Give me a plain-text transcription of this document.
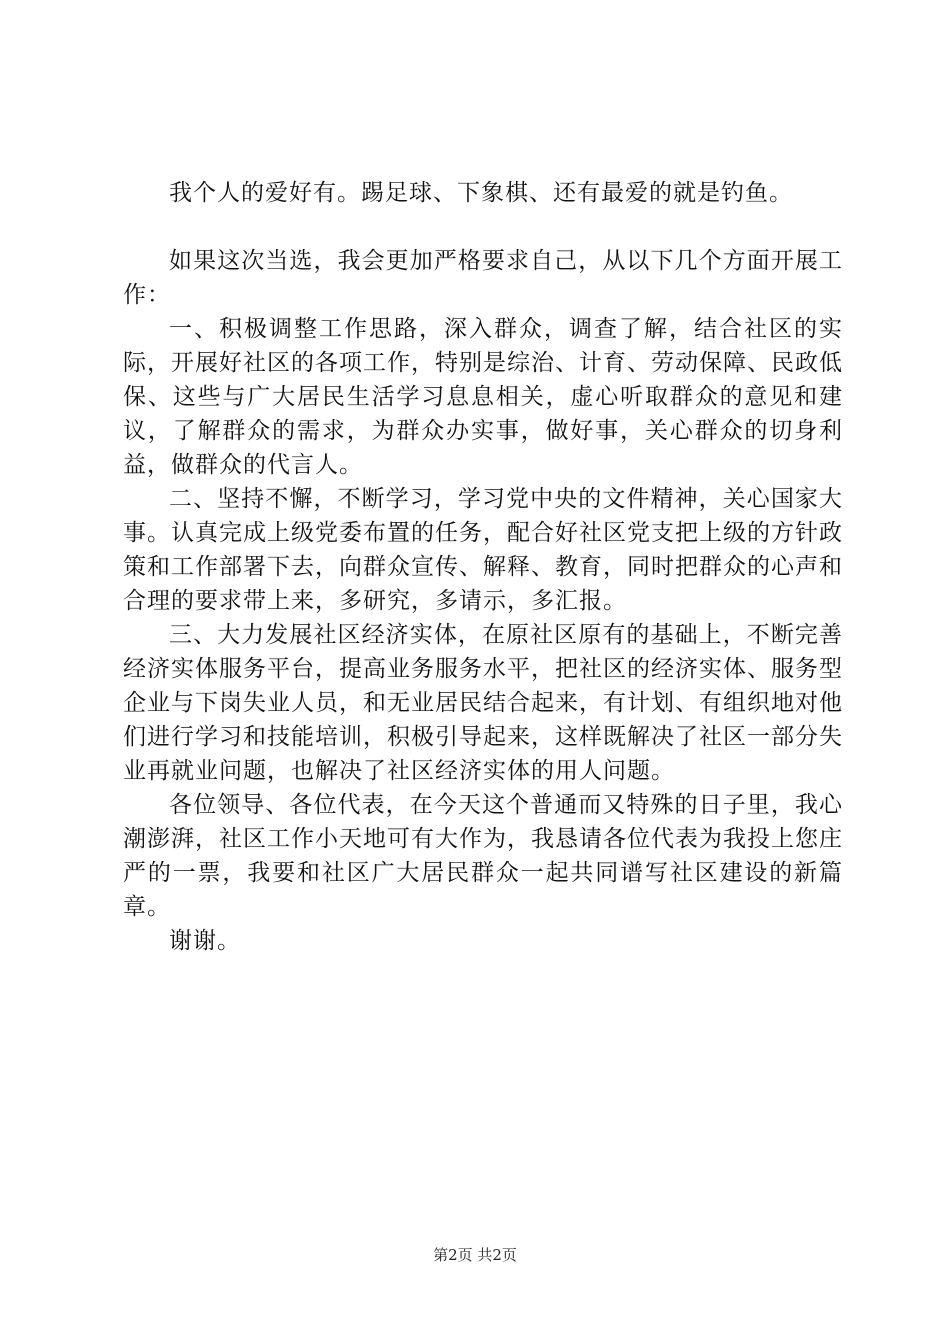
我个人的爱好有。踢足球、下象棋、还有最爱的就是钓鱼。

如果这次当选，我会更加严格要求自己，从以下几个方面开展工作：

一、积极调整工作思路，深入群众，调查了解，结合社区的实际，开展好社区的各项工作，特别是综治、计育、劳动保障、民政低保、这些与广大居民生活学习息息相关，虚心听取群众的意见和建议，了解群众的需求，为群众办实事，做好事，关心群众的切身利益，做群众的代言人。

二、坚持不懈，不断学习，学习党中央的文件精神，关心国家大事。认真完成上级党委布置的任务，配合好社区党支把上级的方针政策和工作部署下去，向群众宣传、解释、教育，同时把群众的心声和合理的要求带上来，多研究，多请示，多汇报。

三、大力发展社区经济实体，在原社区原有的基础上，不断完善经济实体服务平台，提高业务服务水平，把社区的经济实体、服务型企业与下岗失业人员，和无业居民结合起来，有计划、有组织地对他们进行学习和技能培训，积极引导起来，这样既解决了社区一部分失业再就业问题，也解决了社区经济实体的用人问题。

各位领导、各位代表，在今天这个普通而又特殊的日子里，我心潮澎湃，社区工作小天地可有大作为，我恳请各位代表为我投上您庄严的一票，我要和社区广大居民群众一起共同谱写社区建设的新篇章。

谢谢。

第2页 共2页
